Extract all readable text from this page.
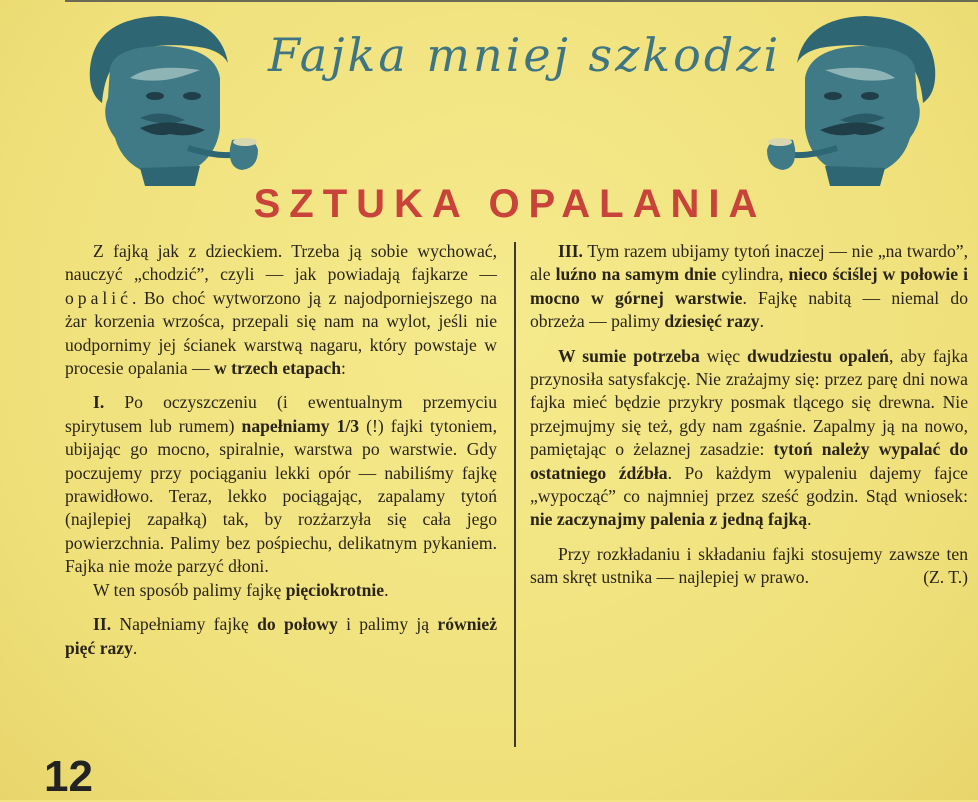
Fajka mniej szkodzi
SZTUKA OPALANIA

Z fajką jak z dzieckiem. Trzeba ją sobie wychować, nauczyć „chodzić”, czyli — jak powiadają fajkarze — opalić. Bo choć wytworzono ją z najodporniejszego na żar korzenia wrzośca, przepali się nam na wylot, jeśli nie uodpornimy jej ścianek warstwą nagaru, który powstaje w procesie opalania — w trzech etapach:

I. Po oczyszczeniu (i ewentualnym przemyciu spirytusem lub rumem) napełniamy 1/3 (!) fajki tytoniem, ubijając go mocno, spiralnie, warstwa po warstwie. Gdy poczujemy przy pociąganiu lekki opór — nabiliśmy fajkę prawidłowo. Teraz, lekko pociągając, zapalamy tytoń (najlepiej zapałką) tak, by rozżarzyła się cała jego powierzchnia. Palimy bez pośpiechu, delikatnym pykaniem. Fajka nie może parzyć dłoni.

W ten sposób palimy fajkę pięciokrotnie.

II. Napełniamy fajkę do połowy i palimy ją również pięć razy.

III. Tym razem ubijamy tytoń inaczej — nie „na twardo”, ale luźno na samym dnie cylindra, nieco ściślej w połowie i mocno w górnej warstwie. Fajkę nabitą — niemal do obrzeża — palimy dziesięć razy.

W sumie potrzeba więc dwudziestu opaleń, aby fajka przynosiła satysfakcję. Nie zrażajmy się: przez parę dni nowa fajka mieć będzie przykry posmak tlącego się drewna. Nie przejmujmy się też, gdy nam zgaśnie. Zapalmy ją na nowo, pamiętając o żelaznej zasadzie: tytoń należy wypalać do ostatniego źdźbła. Po każdym wypaleniu dajemy fajce „wypocząć” co najmniej przez sześć godzin. Stąd wniosek: nie zaczynajmy palenia z jedną fajką.

Przy rozkładaniu i składaniu fajki stosujemy zawsze ten sam skręt ustnika — najlepiej w prawo.	(Z. T.)

12
